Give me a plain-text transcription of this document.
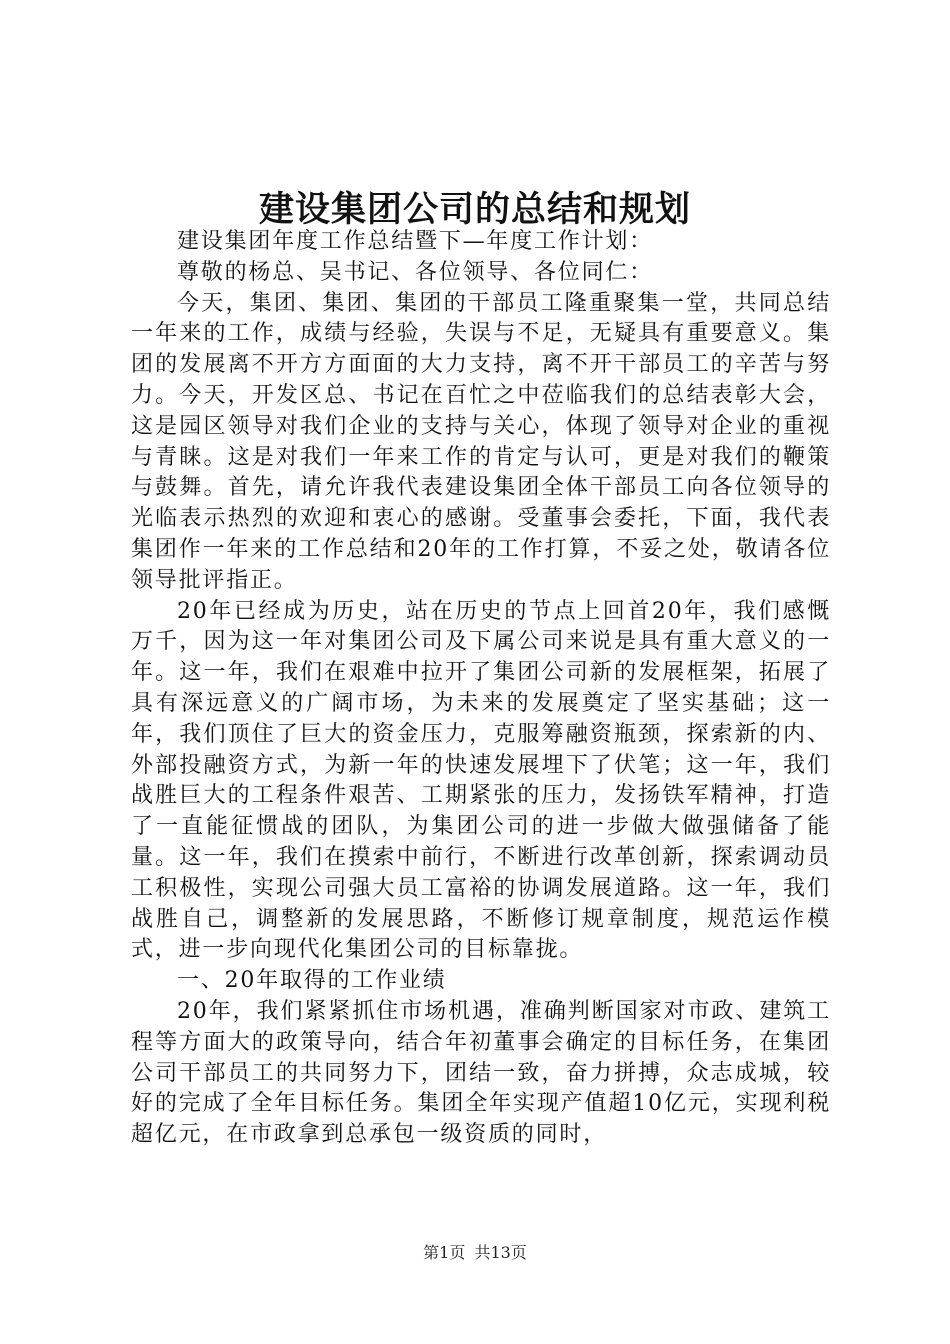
建设集团公司的总结和规划

建设集团年度工作总结暨下—年度工作计划：

尊敬的杨总、吴书记、各位领导、各位同仁：

今天，集团、集团、集团的干部员工隆重聚集一堂，共同总结一年来的工作，成绩与经验，失误与不足，无疑具有重要意义。集团的发展离不开方方面面的大力支持，离不开干部员工的辛苦与努力。今天，开发区总、书记在百忙之中莅临我们的总结表彰大会，这是园区领导对我们企业的支持与关心，体现了领导对企业的重视与青睐。这是对我们一年来工作的肯定与认可，更是对我们的鞭策与鼓舞。首先，请允许我代表建设集团全体干部员工向各位领导的光临表示热烈的欢迎和衷心的感谢。受董事会委托，下面，我代表集团作一年来的工作总结和20年的工作打算，不妥之处，敬请各位领导批评指正。

20年已经成为历史，站在历史的节点上回首20年，我们感慨万千，因为这一年对集团公司及下属公司来说是具有重大意义的一年。这一年，我们在艰难中拉开了集团公司新的发展框架，拓展了具有深远意义的广阔市场，为未来的发展奠定了坚实基础；这一年，我们顶住了巨大的资金压力，克服筹融资瓶颈，探索新的内、外部投融资方式，为新一年的快速发展埋下了伏笔；这一年，我们战胜巨大的工程条件艰苦、工期紧张的压力，发扬铁军精神，打造了一直能征惯战的团队，为集团公司的进一步做大做强储备了能量。这一年，我们在摸索中前行，不断进行改革创新，探索调动员工积极性，实现公司强大员工富裕的协调发展道路。这一年，我们战胜自己，调整新的发展思路，不断修订规章制度，规范运作模式，进一步向现代化集团公司的目标靠拢。

一、20年取得的工作业绩

20年，我们紧紧抓住市场机遇，准确判断国家对市政、建筑工程等方面大的政策导向，结合年初董事会确定的目标任务，在集团公司干部员工的共同努力下，团结一致，奋力拼搏，众志成城，较好的完成了全年目标任务。集团全年实现产值超10亿元，实现利税超亿元，在市政拿到总承包一级资质的同时，

第1页 共13页
